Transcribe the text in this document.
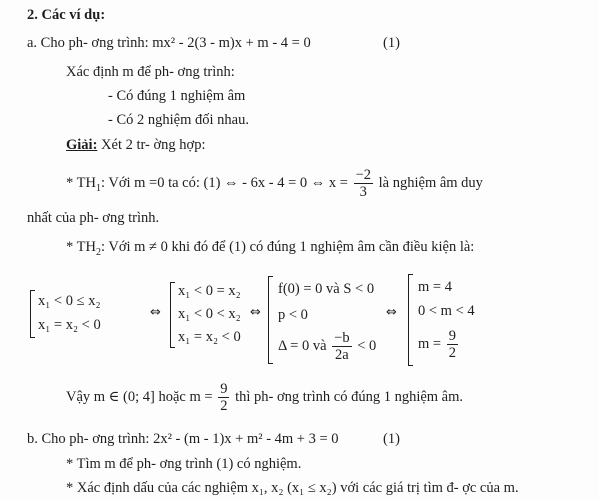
2. Các ví dụ:
a. Cho ph- ơng trình: mx² - 2(3 - m)x + m - 4 = 0	(1)
Xác định m để ph- ơng trình:
- Có đúng 1 nghiệm âm
- Có 2 nghiệm đối nhau.
Giải: Xét 2 tr- ờng hợp:
* $TH_1$: Với m =0 ta có: (1) ⇔ - 6x - 4 = 0 ⇔ $x = \frac{-2}{3}$ là nghiệm âm duy
nhất của ph- ơng trình.
* $TH_2$: Với m ≠ 0 khi đó để (1) có đúng 1 nghiệm âm cần điều kiện là:
x₁ < 0 ≤ x₂
x₁ = x₂ < 0
⇔
x₁ < 0 = x₂
x₁ < 0 < x₂
x₁ = x₂ < 0
⇔
f(0) = 0 và S < 0
p < 0
Δ = 0 và $\frac{-b}{2a} < 0$
⇔
m = 4
0 < m < 4
$m = \frac{9}{2}$
Vậy m ∈ (0; 4] hoặc $m = \frac{9}{2}$ thì ph- ơng trình có đúng 1 nghiệm âm.
b. Cho ph- ơng trình: 2x² - (m - 1)x + m² - 4m + 3 = 0	(1)
* Tìm m để ph- ơng trình (1) có nghiệm.
* Xác định dấu của các nghiệm x₁, x₂ (x₁ ≤ x₂) với các giá trị tìm đ- ợc của m.
